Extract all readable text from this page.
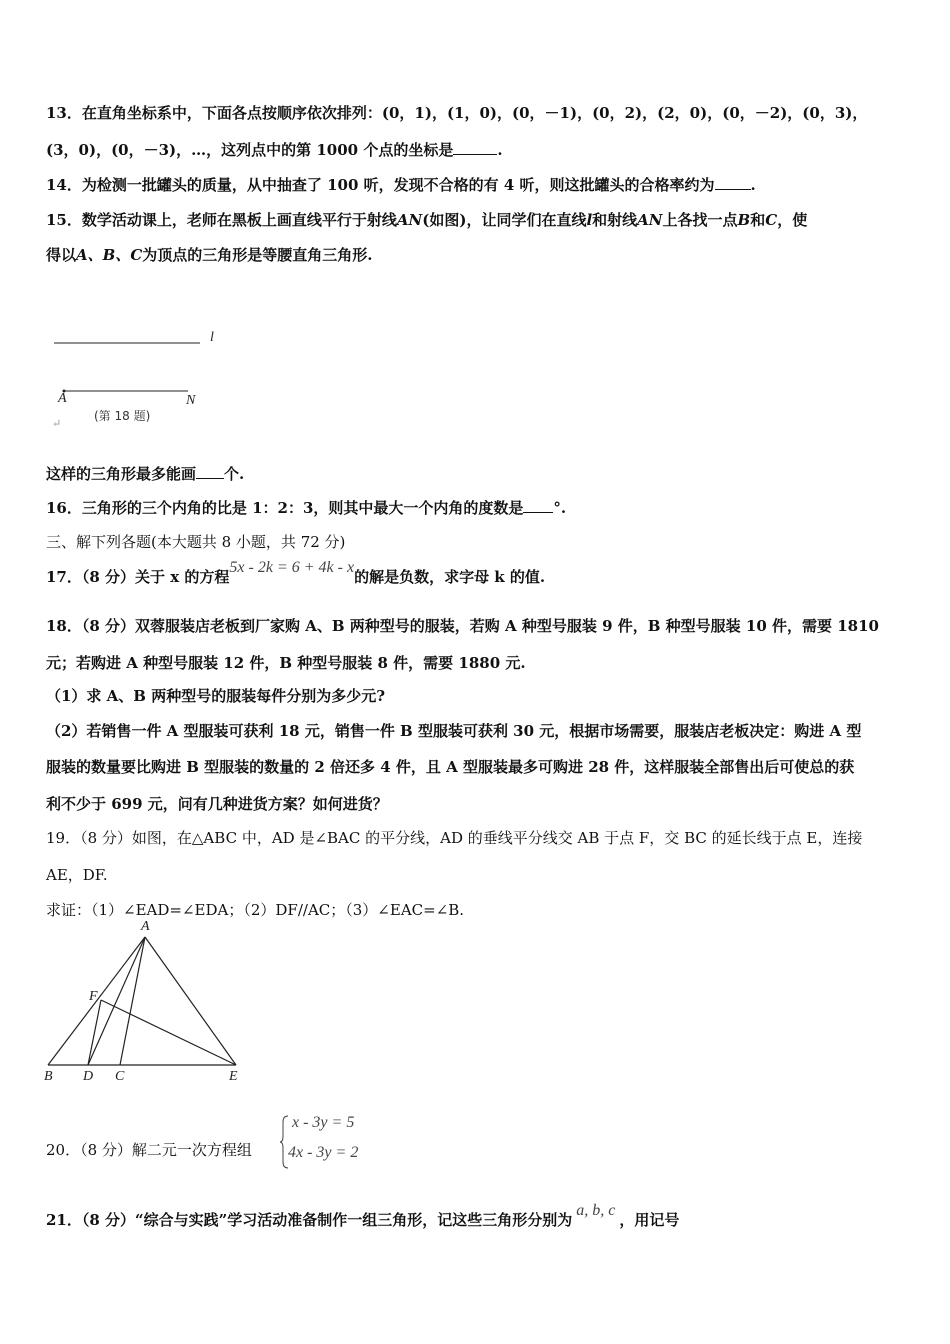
13．在直角坐标系中，下面各点按顺序依次排列：(0，1)，(1，0)，(0，－1)，(0，2)，(2，0)，(0，－2)，(0，3)，
(3，0)，(0，－3)，…，这列点中的第 1000 个点的坐标是	.
14．为检测一批罐头的质量，从中抽查了 100 听，发现不合格的有 4 听，则这批罐头的合格率约为 .
15．数学活动课上，老师在黑板上画直线平行于射线AN(如图)，让同学们在直线l和射线AN上各找一点B和C，使
得以A、B、C为顶点的三角形是等腰直角三角形.
↵
l
A	N
(第 18 题)
这样的三角形最多能画 个.
16．三角形的三个内角的比是 1：2：3，则其中最大一个内角的度数是 °.
三、解下列各题(本大题共 8 小题，共 72 分)
17．（8 分）关于 x 的方程5x - 2k = 6 + 4k - x的解是负数，求字母 k 的值.
18．（8 分）双蓉服装店老板到厂家购 A、B 两种型号的服装，若购 A 种型号服装 9 件，B 种型号服装 10 件，需要 1810
元；若购进 A 种型号服装 12 件，B 种型号服装 8 件，需要 1880 元.
（1）求 A、B 两种型号的服装每件分别为多少元?
（2）若销售一件 A 型服装可获利 18 元，销售一件 B 型服装可获利 30 元，根据市场需要，服装店老板决定：购进 A 型
服装的数量要比购进 B 型服装的数量的 2 倍还多 4 件，且 A 型服装最多可购进 28 件，这样服装全部售出后可使总的获
利不少于 699 元，问有几种进货方案？如何进货？
19．（8 分）如图，在△ABC 中，AD 是∠BAC 的平分线，AD 的垂线平分线交 AB 于点 F，交 BC 的延长线于点 E，连接
AE，DF.
求证：（1）∠EAD=∠EDA；（2）DF//AC；（3）∠EAC=∠B.
A
F
B D C	E
20．（8 分）解二元一次方程组
x - 3y = 5
4x - 3y = 2
21．（8 分）“综合与实践”学习活动准备制作一组三角形，记这些三角形分别为a, b, c，用记号
